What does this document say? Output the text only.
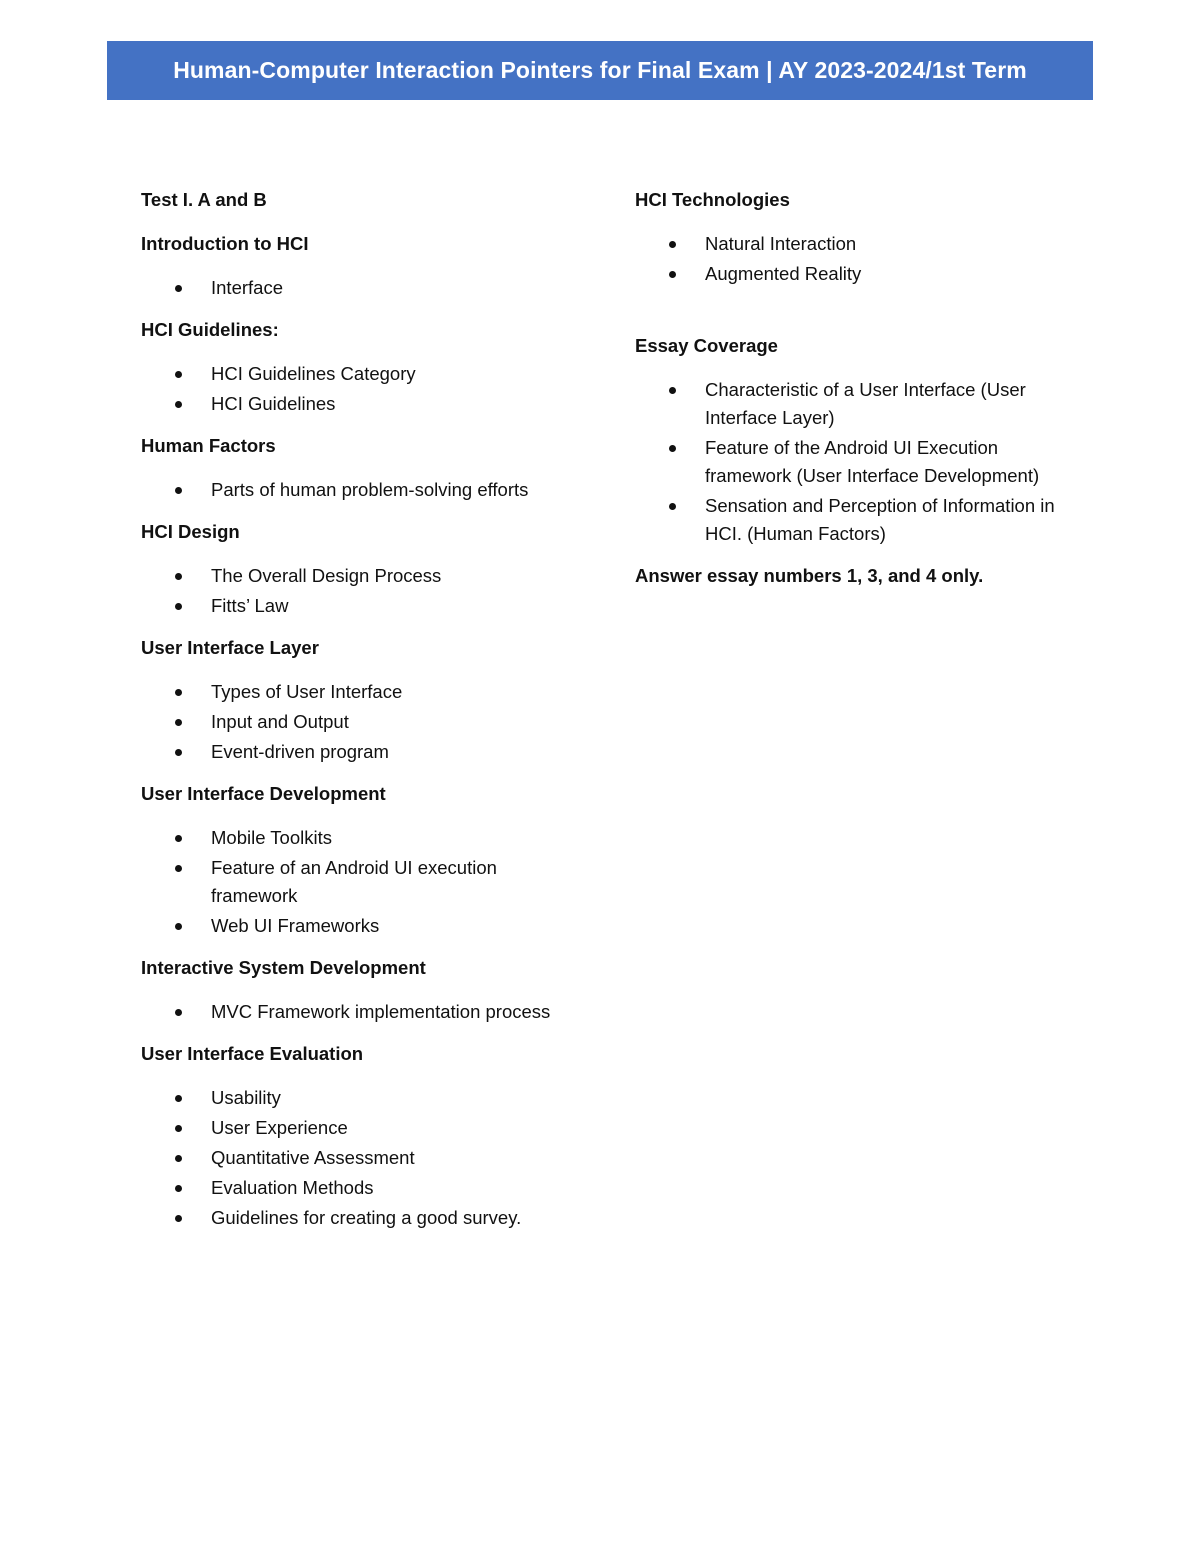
Human-Computer Interaction Pointers for Final Exam | AY 2023-2024/1st Term
Test I. A and B
Introduction to HCI
Interface
HCI Guidelines:
HCI Guidelines Category
HCI Guidelines
Human Factors
Parts of human problem-solving efforts
HCI Design
The Overall Design Process
Fitts’ Law
User Interface Layer
Types of User Interface
Input and Output
Event-driven program
User Interface Development
Mobile Toolkits
Feature of an Android UI execution framework
Web UI Frameworks
Interactive System Development
MVC Framework implementation process
User Interface Evaluation
Usability
User Experience
Quantitative Assessment
Evaluation Methods
Guidelines for creating a good survey.
HCI Technologies
Natural Interaction
Augmented Reality
Essay Coverage
Characteristic of a User Interface (User Interface Layer)
Feature of the Android UI Execution framework (User Interface Development)
Sensation and Perception of Information in HCI. (Human Factors)
Answer essay numbers 1, 3, and 4 only.
